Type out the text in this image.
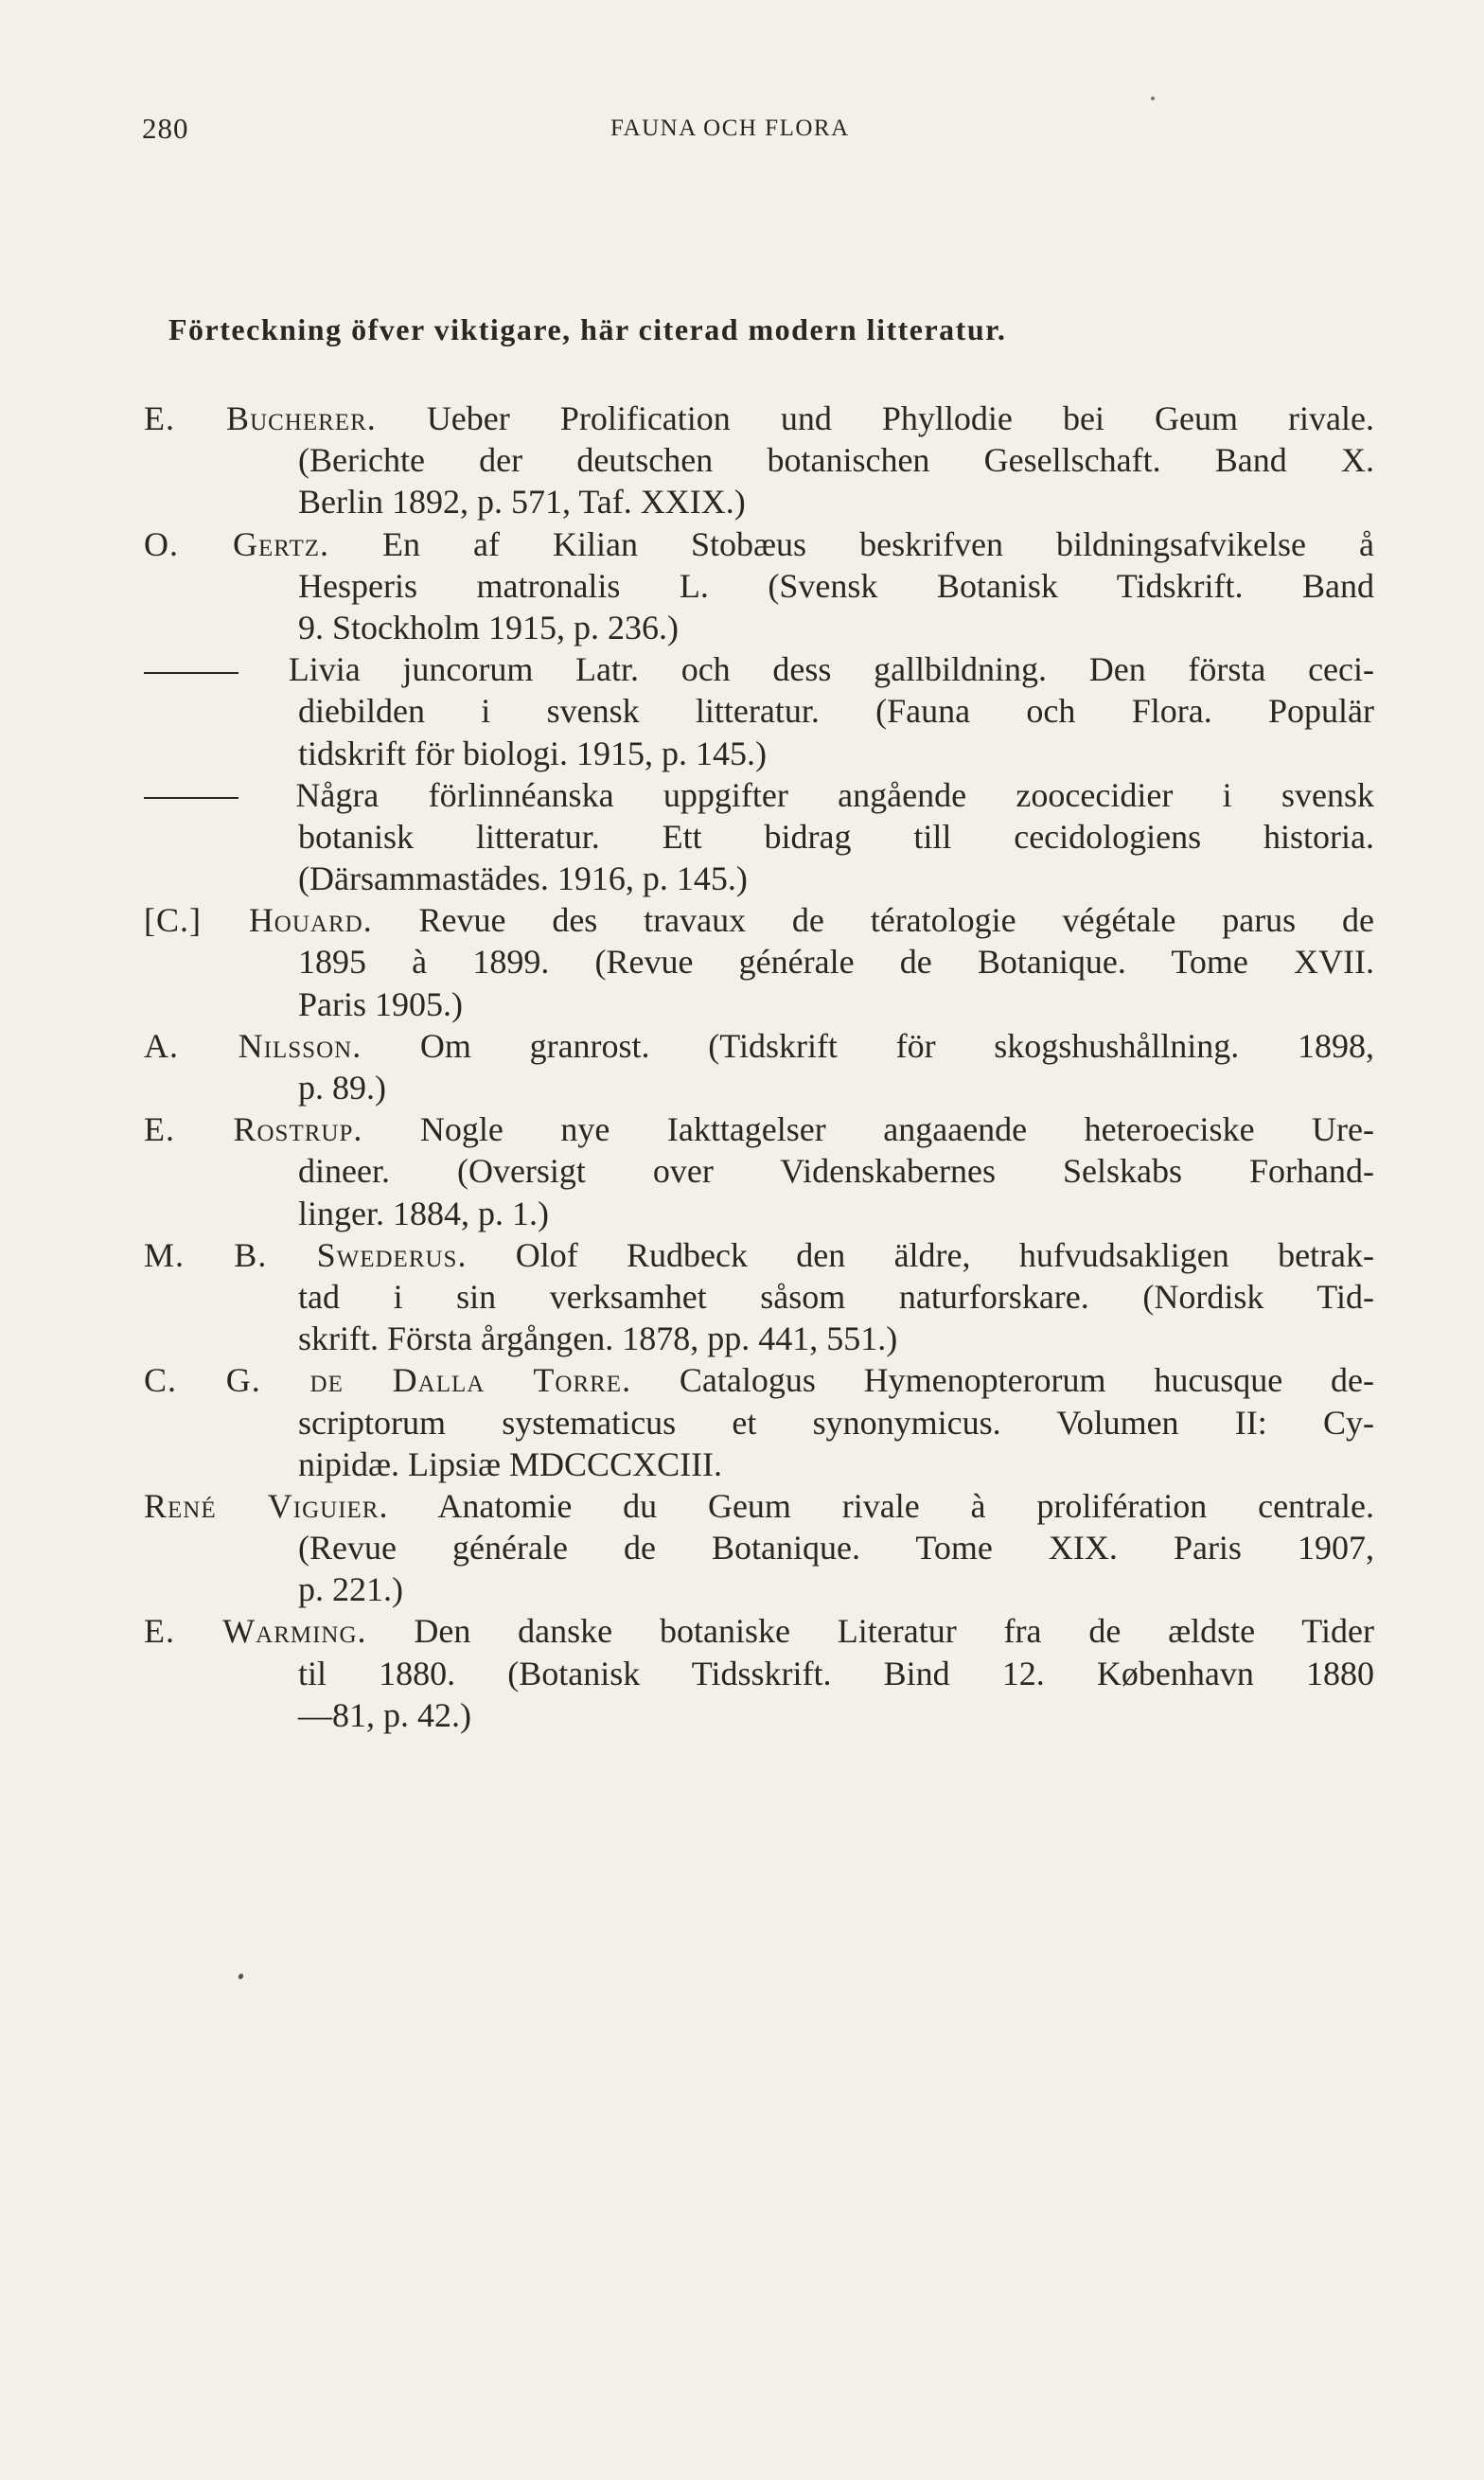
280	FAUNA OCH FLORA
Förteckning öfver viktigare, här citerad modern litteratur.
E. Bucherer. Ueber Prolification und Phyllodie bei Geum rivale.
(Berichte der deutschen botanischen Gesellschaft. Band X.
Berlin 1892, p. 571, Taf. XXIX.)
O. Gertz. En af Kilian Stobæus beskrifven bildningsafvikelse å
Hesperis matronalis L. (Svensk Botanisk Tidskrift. Band
9. Stockholm 1915, p. 236.)
Livia juncorum Latr. och dess gallbildning. Den första ceci-
diebilden i svensk litteratur. (Fauna och Flora. Populär
tidskrift för biologi. 1915, p. 145.)
Några förlinnéanska uppgifter angående zoocecidier i svensk
botanisk litteratur. Ett bidrag till cecidologiens historia.
(Därsammastädes. 1916, p. 145.)
[C.] Houard. Revue des travaux de tératologie végétale parus de
1895 à 1899. (Revue générale de Botanique. Tome XVII.
Paris 1905.)
A. Nilsson. Om granrost. (Tidskrift för skogshushållning. 1898,
p. 89.)
E. Rostrup. Nogle nye Iakttagelser angaaende heteroeciske Ure-
dineer. (Oversigt over Videnskabernes Selskabs Forhand-
linger. 1884, p. 1.)
M. B. Swederus. Olof Rudbeck den äldre, hufvudsakligen betrak-
tad i sin verksamhet såsom naturforskare. (Nordisk Tid-
skrift. Första årgången. 1878, pp. 441, 551.)
C. G. de Dalla Torre. Catalogus Hymenopterorum hucusque de-
scriptorum systematicus et synonymicus. Volumen II: Cy-
nipidæ. Lipsiæ MDCCCXCIII.
René Viguier. Anatomie du Geum rivale à prolifération centrale.
(Revue générale de Botanique. Tome XIX. Paris 1907,
p. 221.)
E. Warming. Den danske botaniske Literatur fra de ældste Tider
til 1880. (Botanisk Tidsskrift. Bind 12. København 1880
—81, p. 42.)
